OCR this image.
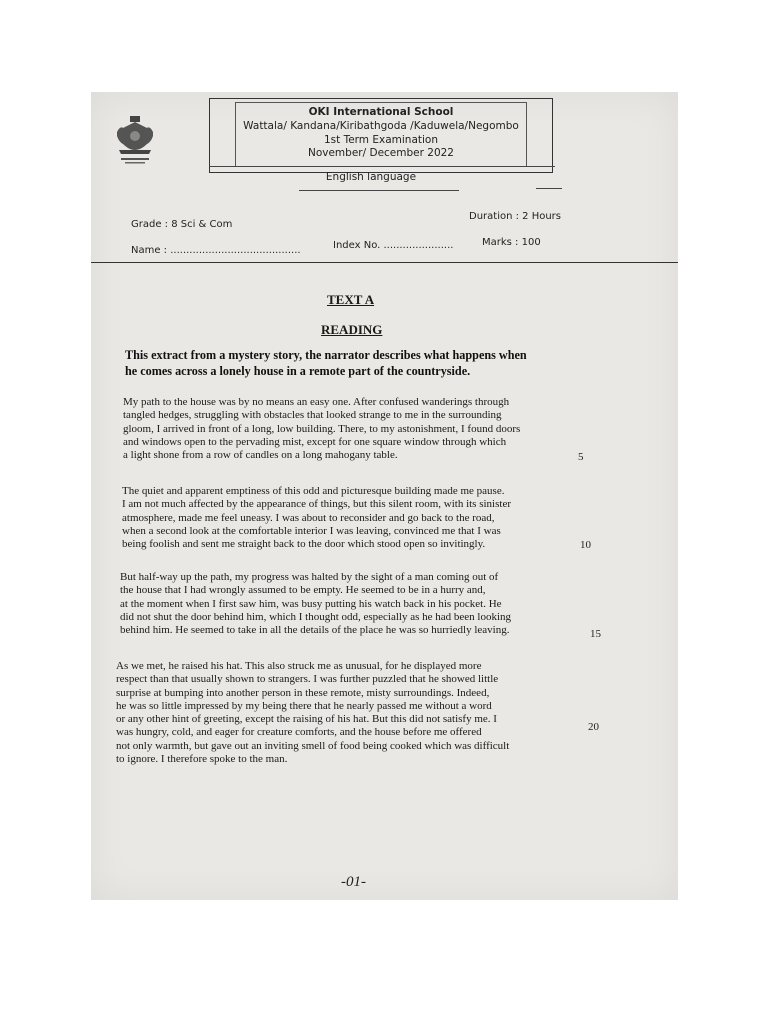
OKI International School
Wattala/ Kandana/Kiribathgoda /Kaduwela/Negombo
1st Term Examination
November/ December 2022
English language
Grade : 8 Sci & Com
Duration : 2 Hours
Name : .........................................	Index No. ......................	Marks : 100
TEXT A
READING
This extract from a mystery story, the narrator describes what happens when
he comes across a lonely house in a remote part of the countryside.
My path to the house was by no means an easy one. After confused wanderings through
tangled hedges, struggling with obstacles that looked strange to me in the surrounding
gloom, I arrived in front of a long, low building. There, to my astonishment, I found doors
and windows open to the pervading mist, except for one square window through which
a light shone from a row of candles on a long mahogany table.	5
The quiet and apparent emptiness of this odd and picturesque building made me pause.
I am not much affected by the appearance of things, but this silent room, with its sinister
atmosphere, made me feel uneasy. I was about to reconsider and go back to the road,
when a second look at the comfortable interior I was leaving, convinced me that I was
being foolish and sent me straight back to the door which stood open so invitingly.	10
But half-way up the path, my progress was halted by the sight of a man coming out of
the house that I had wrongly assumed to be empty. He seemed to be in a hurry and,
at the moment when I first saw him, was busy putting his watch back in his pocket. He
did not shut the door behind him, which I thought odd, especially as he had been looking
behind him. He seemed to take in all the details of the place he was so hurriedly leaving.	15
As we met, he raised his hat. This also struck me as unusual, for he displayed more
respect than that usually shown to strangers. I was further puzzled that he showed little
surprise at bumping into another person in these remote, misty surroundings. Indeed,
he was so little impressed by my being there that he nearly passed me without a word
or any other hint of greeting, except the raising of his hat. But this did not satisfy me. I
was hungry, cold, and eager for creature comforts, and the house before me offered
not only warmth, but gave out an inviting smell of food being cooked which was difficult
to ignore. I therefore spoke to the man.
20
-01-
